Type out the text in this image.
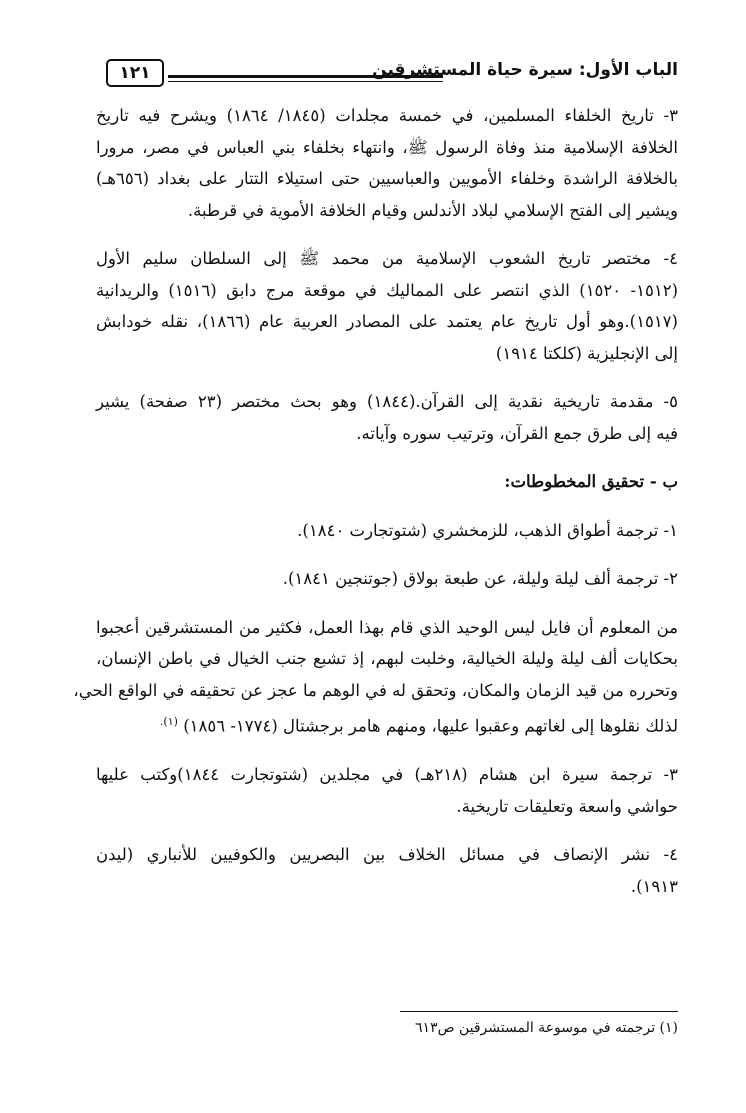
١٢١	الباب الأول: سيرة حياة المستشرقين
٣- تاريخ الخلفاء المسلمين، في خمسة مجلدات (١٨٤٥/ ١٨٦٤) ويشرح فيه تاريخ
الخلافة الإسلامية منذ وفاة الرسول ﷺ، وانتهاء بخلفاء بني العباس في مصر، مرورا
بالخلافة الراشدة وخلفاء الأمويين والعباسيين حتى استيلاء التتار على بغداد (٦٥٦هـ)
ويشير إلى الفتح الإسلامي لبلاد الأندلس وقيام الخلافة الأموية في قرطبة.
٤- مختصر تاريخ الشعوب الإسلامية من محمد ﷺ إلى السلطان سليم الأول
(١٥١٢- ١٥٢٠) الذي انتصر على المماليك في موقعة مرج دابق (١٥١٦) والريدانية
(١٥١٧).وهو أول تاريخ عام يعتمد على المصادر العربية عام (١٨٦٦)، نقله خودابش
إلى الإنجليزية (كلكتا ١٩١٤)
٥- مقدمة تاريخية نقدية إلى القرآن.(١٨٤٤) وهو بحث مختصر (٢٣ صفحة) يشير
فيه إلى طرق جمع القرآن، وترتيب سوره وآياته.
ب - تحقيق المخطوطات:
١- ترجمة أطواق الذهب، للزمخشري (شتوتجارت ١٨٤٠).
٢- ترجمة ألف ليلة وليلة، عن طبعة بولاق (جوتنجين ١٨٤١).
من المعلوم أن فايل ليس الوحيد الذي قام بهذا العمل، فكثير من المستشرقين أعجبوا
بحكايات ألف ليلة وليلة الخيالية، وخلبت لبهم، إذ تشبع جنب الخيال في باطن الإنسان،
وتحرره من قيد الزمان والمكان، وتحقق له في الوهم ما عجز عن تحقيقه في الواقع الحي،
لذلك نقلوها إلى لغاتهم وعقبوا عليها، ومنهم هامر برجشتال (١٧٧٤- ١٨٥٦) $^{(١).}$
٣- ترجمة سيرة ابن هشام (٢١٨هـ) في مجلدين (شتوتجارت ١٨٤٤)وكتب عليها
حواشي واسعة وتعليقات تاريخية.
٤- نشر الإنصاف في مسائل الخلاف بين البصريين والكوفيين للأنباري (ليدن
١٩١٣).
(١) ترجمته في موسوعة المستشرقين ص٦١٣
